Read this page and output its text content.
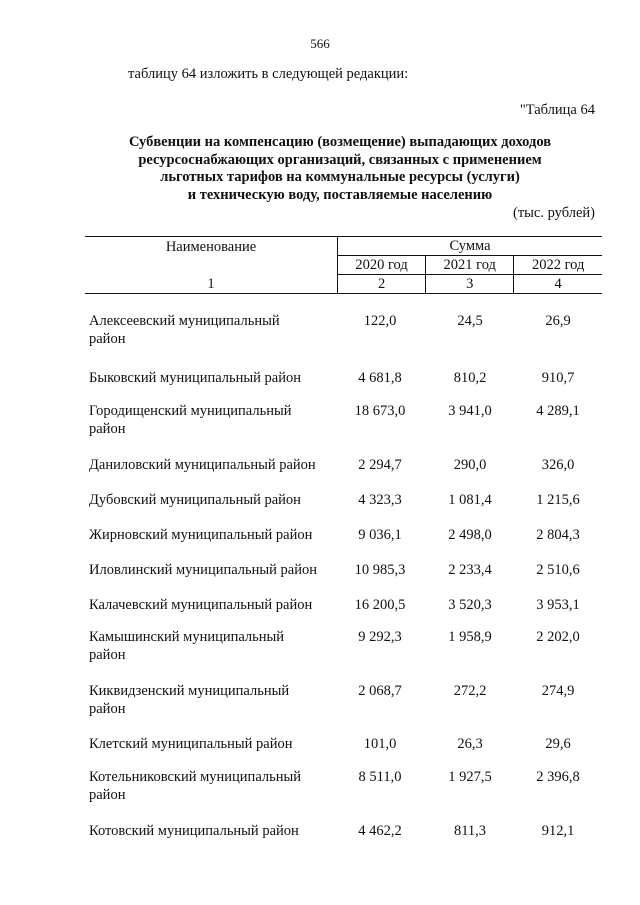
566
таблицу 64 изложить в следующей редакции:
"Таблица 64
Субвенции на компенсацию (возмещение) выпадающих доходов
ресурсоснабжающих организаций, связанных с применением
льготных тарифов на коммунальные ресурсы (услуги)
и техническую воду, поставляемые населению
(тыс. рублей)
Наименование	Сумма		
	2020 год	2021 год	2022 год
1	2	3	4
Алексеевский муниципальный
район
122,0	24,5	26,9
Быковский муниципальный район	4 681,8	810,2	910,7
Городищенский муниципальный
район
18 673,0	3 941,0	4 289,1
Даниловский муниципальный район	2 294,7	290,0	326,0
Дубовский муниципальный район	4 323,3	1 081,4	1 215,6
Жирновский муниципальный район	9 036,1	2 498,0	2 804,3
Иловлинский муниципальный район	10 985,3	2 233,4	2 510,6
Калачевский муниципальный район	16 200,5	3 520,3	3 953,1
Камышинский муниципальный
район
9 292,3	1 958,9	2 202,0
Киквидзенский муниципальный
район
2 068,7	272,2	274,9
Клетский муниципальный район	101,0	26,3	29,6
Котельниковский муниципальный
район
8 511,0	1 927,5	2 396,8
Котовский муниципальный район	4 462,2	811,3	912,1
